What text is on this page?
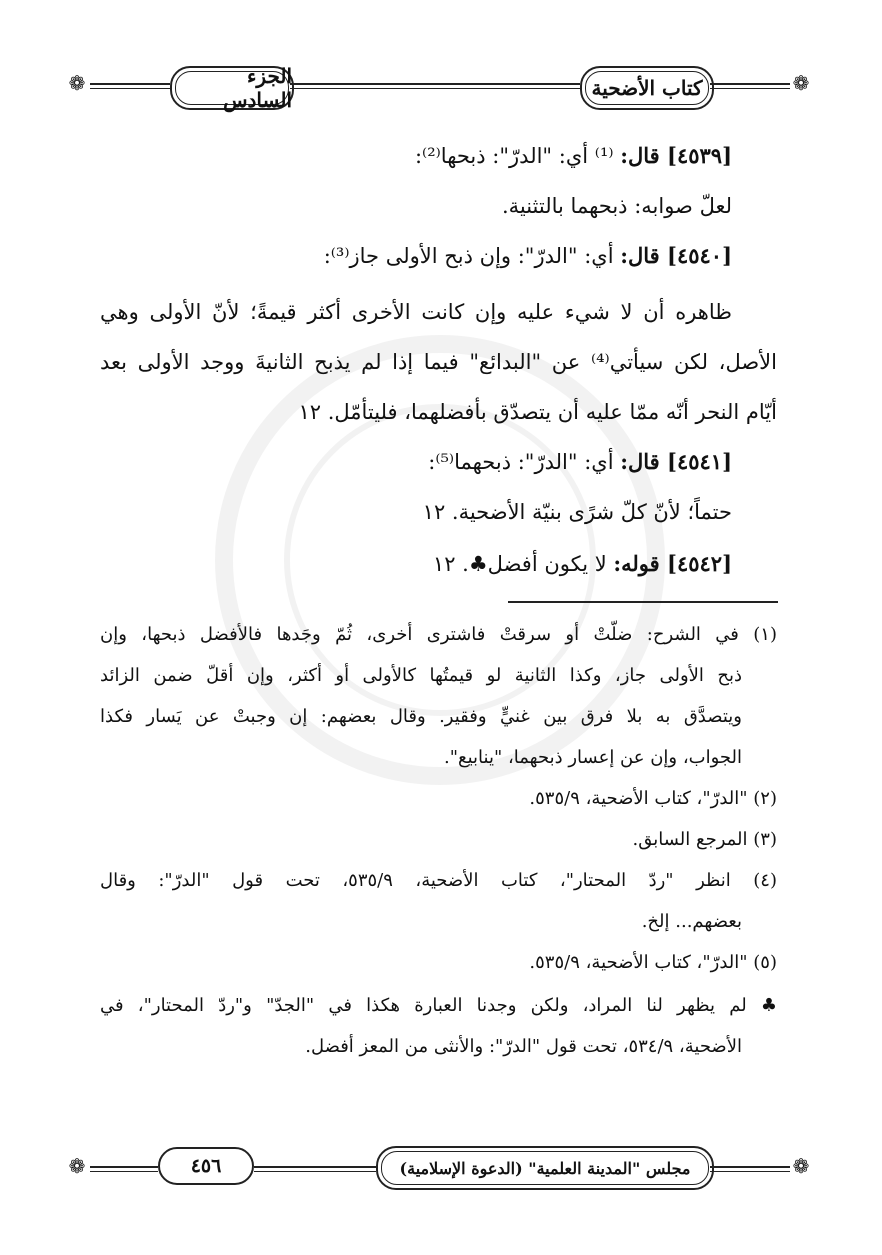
❁	الجزء السادس	كتاب الأضحية	❁
[٤٥٣٩] قال: ⁽¹⁾ أي: "الدرّ": ذبحها⁽²⁾:
لعلّ صوابه: ذبحهما بالتثنية.
[٤٥٤٠] قال: أي: "الدرّ": وإن ذبح الأولى جاز⁽³⁾:
ظاهره أن لا شيء عليه وإن كانت الأخرى أكثر قيمةً؛ لأنّ الأولى وهي
الأصل، لكن سيأتي⁽⁴⁾ عن "البدائع" فيما إذا لم يذبح الثانيةَ ووجد الأولى بعد
أيّام النحر أنّه ممّا عليه أن يتصدّق بأفضلهما، فليتأمّل. ١٢
[٤٥٤١] قال: أي: "الدرّ": ذبحهما⁽⁵⁾:
حتماً؛ لأنّ كلّ شرًى بنيّة الأضحية. ١٢
[٤٥٤٢] قوله: لا يكون أفضل♣. ١٢
(١) في الشرح: ضلّتْ أو سرقتْ فاشترى أخرى، ثُمّ وجَدها فالأفضل ذبحها، وإن
ذبح الأولى جاز، وكذا الثانية لو قيمتُها كالأولى أو أكثر، وإن أقلّ ضمن الزائد
ويتصدَّق به بلا فرق بين غنيٍّ وفقير. وقال بعضهم: إن وجبتْ عن يَسار فكذا
الجواب، وإن عن إعسار ذبحهما، "ينابيع".
(٢) "الدرّ"، كتاب الأضحية، ٥٣٥/٩.
(٣) المرجع السابق.
(٤) انظر "ردّ المحتار"، كتاب الأضحية، ٥٣٥/٩، تحت قول "الدرّ": وقال
بعضهم... إلخ.
(٥) "الدرّ"، كتاب الأضحية، ٥٣٥/٩.
♣ لم يظهر لنا المراد، ولكن وجدنا العبارة هكذا في "الجدّ" و"ردّ المحتار"، في
الأضحية، ٥٣٤/٩، تحت قول "الدرّ": والأنثى من المعز أفضل.
❁	٤٥٦	مجلس "المدينة العلمية" (الدعوة الإسلامية)	❁
